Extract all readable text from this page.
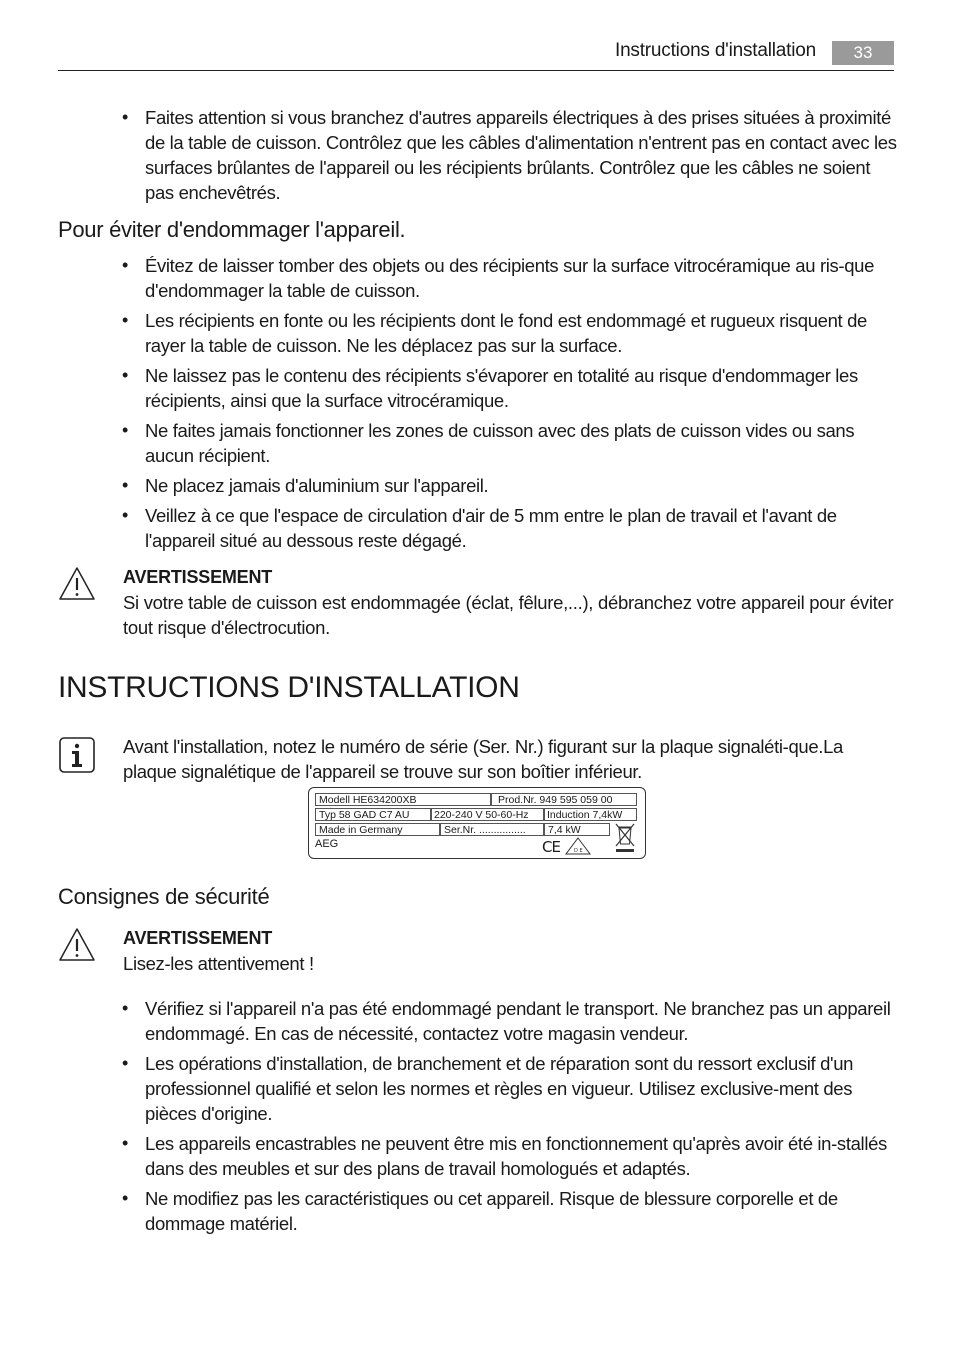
Instructions d'installation	33
• Faites attention si vous branchez d'autres appareils électriques à des prises situées à proximité de la table de cuisson. Contrôlez que les câbles d'alimentation n'entrent pas en contact avec les surfaces brûlantes de l'appareil ou les récipients brûlants. Contrôlez que les câbles ne soient pas enchevêtrés.
Pour éviter d'endommager l'appareil.
• Évitez de laisser tomber des objets ou des récipients sur la surface vitrocéramique au ris-que d'endommager la table de cuisson.
• Les récipients en fonte ou les récipients dont le fond est endommagé et rugueux risquent de rayer la table de cuisson. Ne les déplacez pas sur la surface.
• Ne laissez pas le contenu des récipients s'évaporer en totalité au risque d'endommager les récipients, ainsi que la surface vitrocéramique.
• Ne faites jamais fonctionner les zones de cuisson avec des plats de cuisson vides ou sans aucun récipient.
• Ne placez jamais d'aluminium sur l'appareil.
• Veillez à ce que l'espace de circulation d'air de 5 mm entre le plan de travail et l'avant de l'appareil situé au dessous reste dégagé.
AVERTISSEMENT
Si votre table de cuisson est endommagée (éclat, fêlure,...), débranchez votre appareil pour éviter tout risque d'électrocution.
INSTRUCTIONS D'INSTALLATION
Avant l'installation, notez le numéro de série (Ser. Nr.) figurant sur la plaque signaléti-que.La plaque signalétique de l'appareil se trouve sur son boîtier inférieur.
Modell HE634200XB	Prod.Nr. 949 595 059 00
Typ 58 GAD C7 AU	220-240 V 50-60-Hz	Induction 7,4kW
Made in Germany	Ser.Nr. ................	7,4 kW
AEG	CE	D E
Consignes de sécurité
AVERTISSEMENT
Lisez-les attentivement !
• Vérifiez si l'appareil n'a pas été endommagé pendant le transport. Ne branchez pas un appareil endommagé. En cas de nécessité, contactez votre magasin vendeur.
• Les opérations d'installation, de branchement et de réparation sont du ressort exclusif d'un professionnel qualifié et selon les normes et règles en vigueur. Utilisez exclusive-ment des pièces d'origine.
• Les appareils encastrables ne peuvent être mis en fonctionnement qu'après avoir été in-stallés dans des meubles et sur des plans de travail homologués et adaptés.
• Ne modifiez pas les caractéristiques ou cet appareil. Risque de blessure corporelle et de dommage matériel.
